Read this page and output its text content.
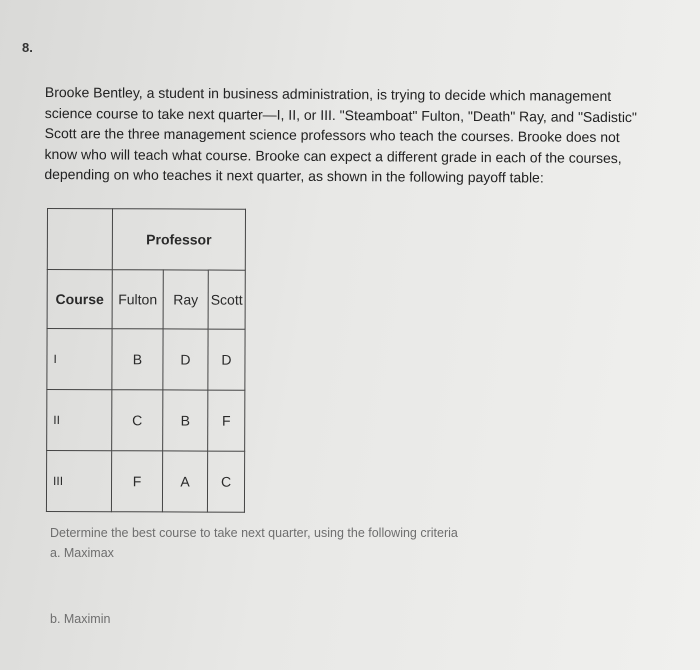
8.
Brooke Bentley, a student in business administration, is trying to decide which management
science course to take next quarter—I, II, or III. "Steamboat" Fulton, "Death" Ray, and "Sadistic"
Scott are the three management science professors who teach the courses. Brooke does not
know who will teach what course. Brooke can expect a different grade in each of the courses,
depending on who teaches it next quarter, as shown in the following payoff table:
	Professor		
Course	Fulton	Ray	Scott
I	B	D	D
II	C	B	F
III	F	A	C
Determine the best course to take next quarter, using the following criteria
a. Maximax
b. Maximin
